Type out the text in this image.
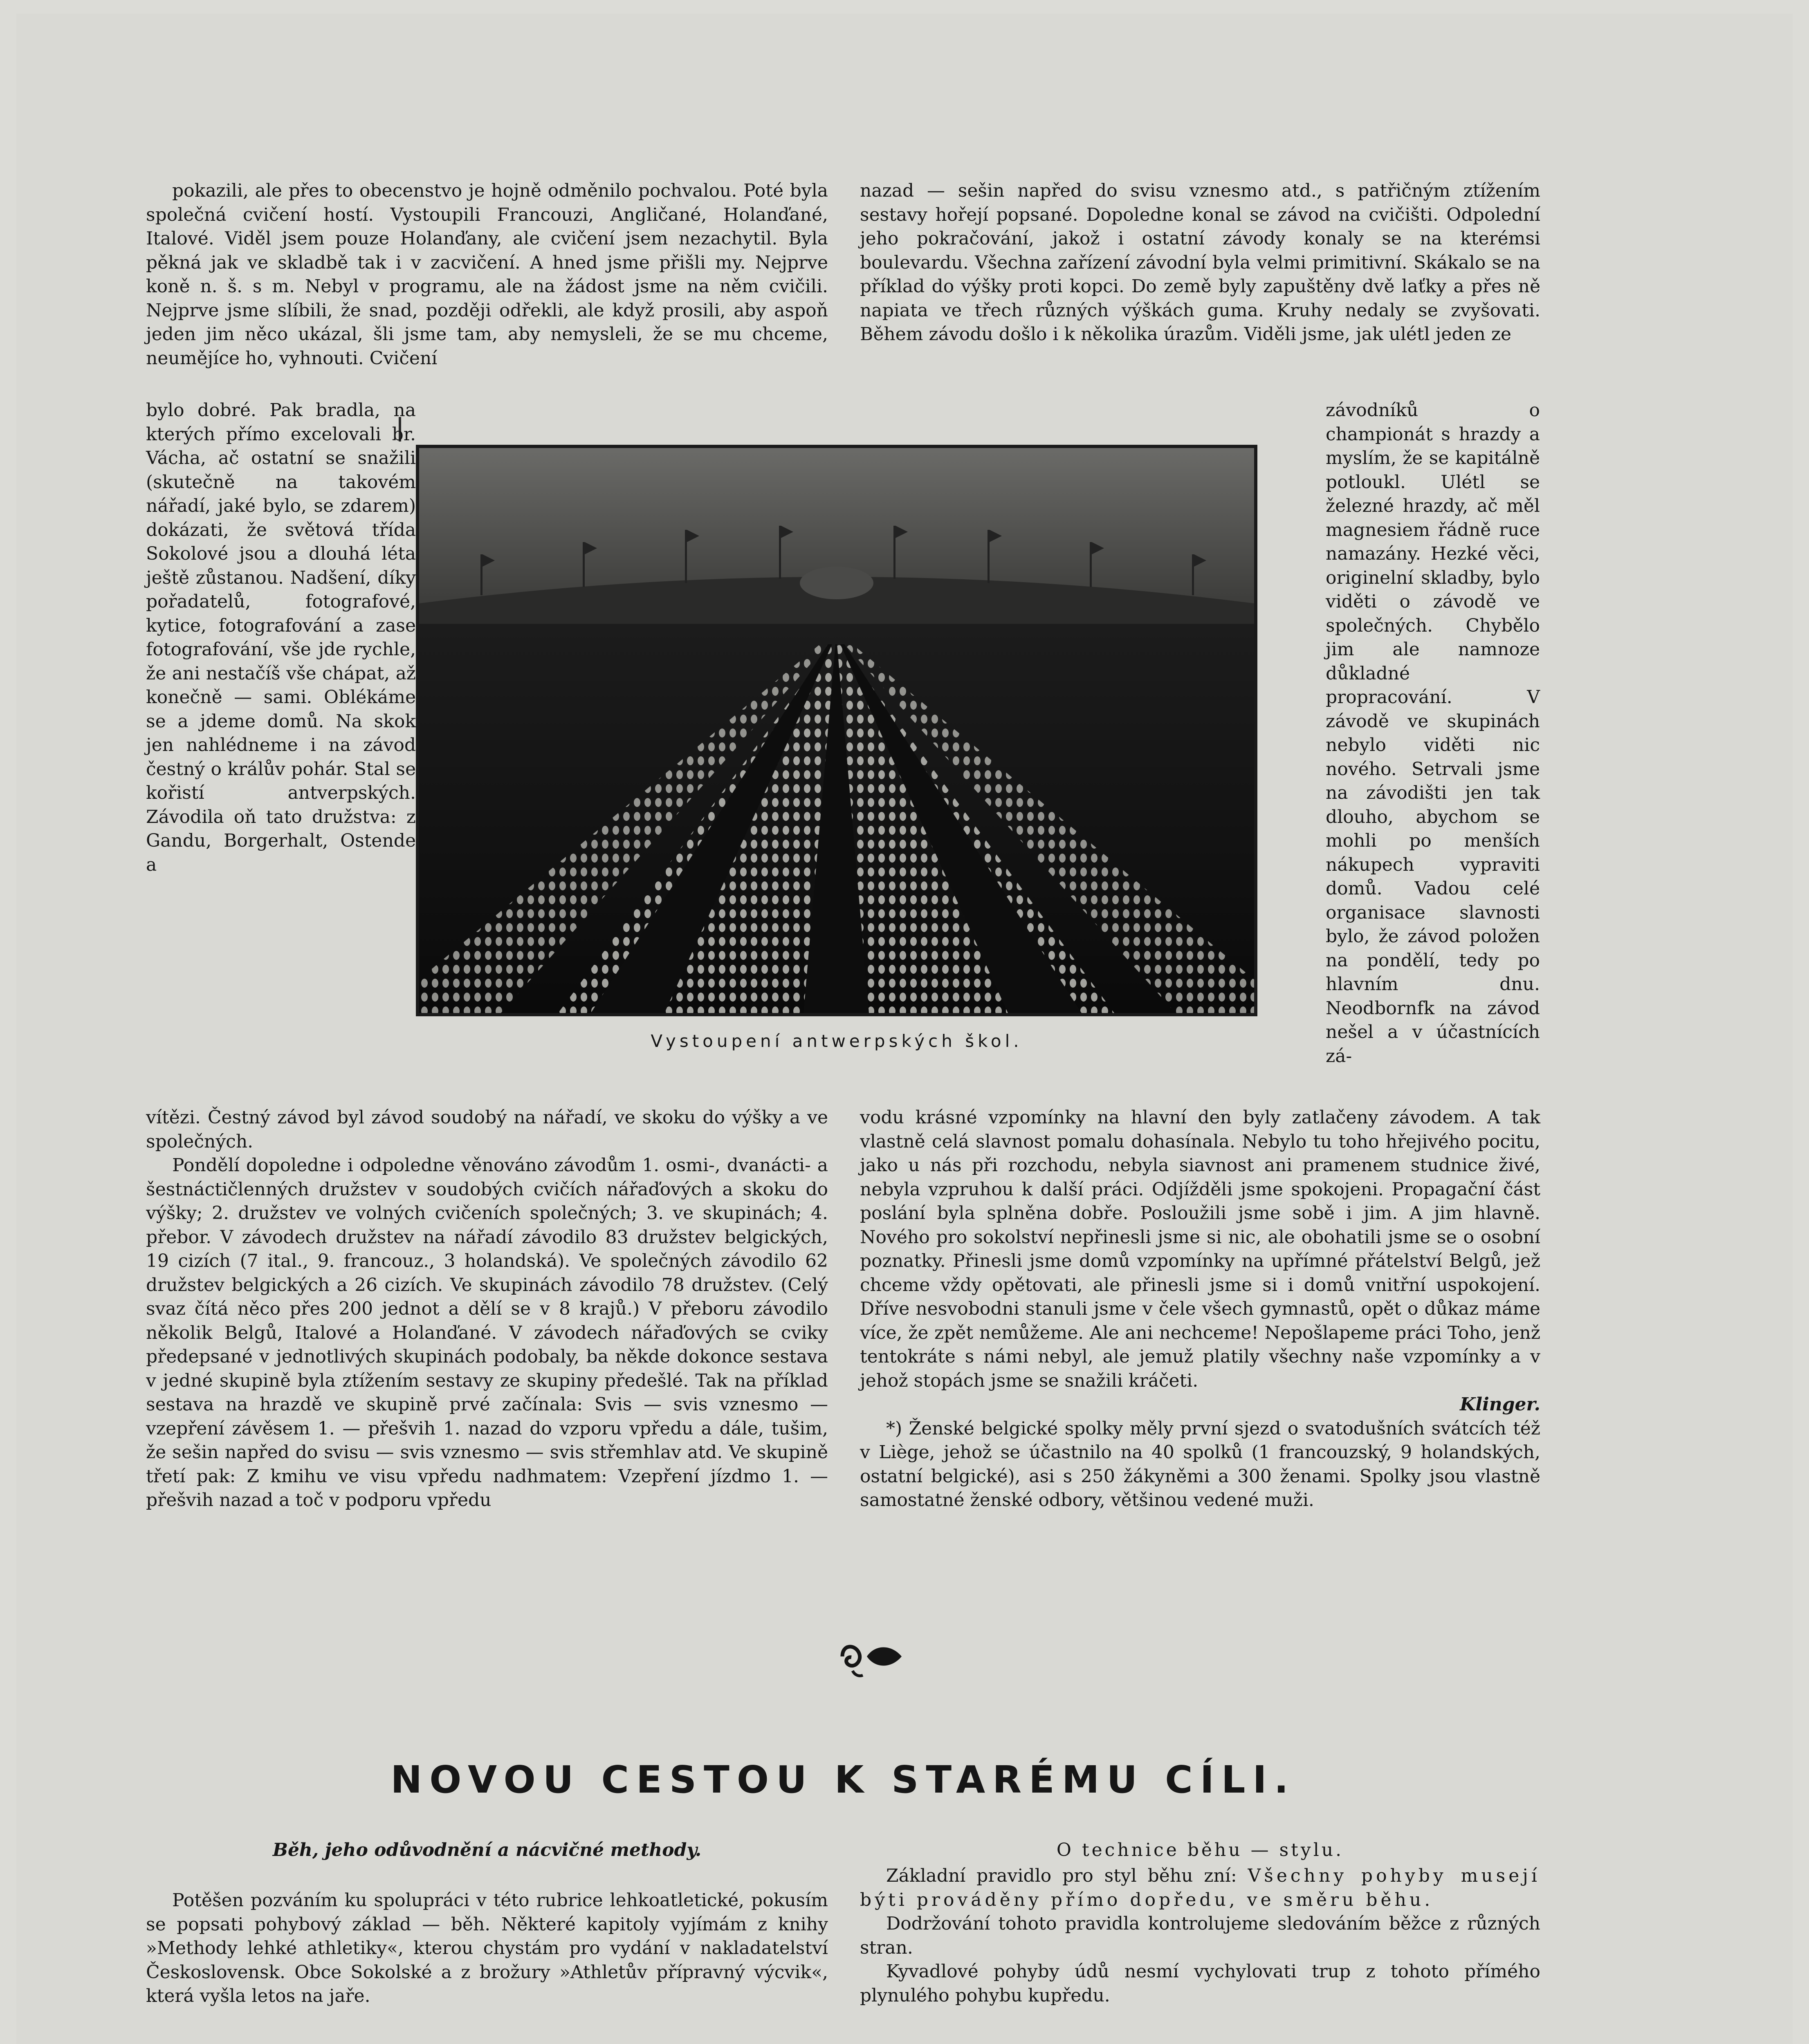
pokazili, ale přes to obecenstvo je hojně odměnilo pochvalou. Poté byla společná cvičení hostí. Vystoupili Francouzi, Angličané, Holanďané, Italové. Viděl jsem pouze Holanďany, ale cvičení jsem nezachytil. Byla pěkná jak ve skladbě tak i v zacvičení. A hned jsme přišli my. Nejprve koně n. š. s m. Nebyl v programu, ale na žádost jsme na něm cvičili. Nejprve jsme slíbili, že snad, později odřekli, ale když prosili, aby aspoň jeden jim něco ukázal, šli jsme tam, aby nemysleli, že se mu chceme, neumějíce ho, vyhnouti. Cvičení

nazad — sešin napřed do svisu vznesmo atd., s patřičným ztížením sestavy hořejí popsané. Dopoledne konal se závod na cvičišti. Odpolední jeho pokračování, jakož i ostatní závody konaly se na kterémsi boulevardu. Všechna zařízení závodní byla velmi primitivní. Skákalo se na příklad do výšky proti kopci. Do země byly zapuštěny dvě laťky a přes ně napiata ve třech různých výškách guma. Kruhy nedaly se zvyšovati. Během závodu došlo i k několika úrazům. Viděli jsme, jak ulétl jeden ze

bylo dobré. Pak bradla, na kterých přímo excelovali br. Vácha, ač ostatní se snažili (skutečně na takovém nářadí, jaké bylo, se zdarem) dokázati, že světová třída Sokolové jsou a dlouhá léta ještě zůstanou. Nadšení, díky pořadatelů, fotografové, kytice, fotografování a zase fotografování, vše jde rychle, že ani nestačíš vše chápat, až konečně — sami. Oblékáme se a jdeme domů. Na skok jen nahlédneme i na závod čestný o králův pohár. Stal se kořistí antverpských. Závodila oň tato družstva: z Gandu, Borgerhalt, Ostende a

závodníků o championát s hrazdy a myslím, že se kapitálně potloukl. Ulétl se železné hrazdy, ač měl magnesiem řádně ruce namazány. Hezké věci, originelní skladby, bylo viděti o závodě ve společných. Chybělo jim ale namnoze důkladné propracování. V závodě ve skupinách nebylo viděti nic nového. Setrvali jsme na závodišti jen tak dlouho, abychom se mohli po menších nákupech vypraviti domů. Vadou celé organisace slavnosti bylo, že závod položen na pondělí, tedy po hlavním dnu. Neodbornfk na závod nešel a v účastnících zá-

Vystoupení antwerpských škol.

vítězi. Čestný závod byl závod soudobý na nářadí, ve skoku do výšky a ve společných.

Pondělí dopoledne i odpoledne věnováno závodům 1. osmi-, dvanácti- a šestnáctičlenných družstev v soudobých cvičích nářaďových a skoku do výšky; 2. družstev ve volných cvičeních společných; 3. ve skupinách; 4. přebor. V závodech družstev na nářadí závodilo 83 družstev belgických, 19 cizích (7 ital., 9. francouz., 3 holandská). Ve společných závodilo 62 družstev belgických a 26 cizích. Ve skupinách závodilo 78 družstev. (Celý svaz čítá něco přes 200 jednot a dělí se v 8 krajů.) V přeboru závodilo několik Belgů, Italové a Holanďané. V závodech nářaďových se cviky předepsané v jednotlivých skupinách podobaly, ba někde dokonce sestava v jedné skupině byla ztížením sestavy ze skupiny předešlé. Tak na příklad sestava na hrazdě ve skupině prvé začínala: Svis — svis vznesmo — vzepření závěsem 1. — přešvih 1. nazad do vzporu vpředu a dále, tušim, že sešin napřed do svisu — svis vznesmo — svis střemhlav atd. Ve skupině třetí pak: Z kmihu ve visu vpředu nadhmatem: Vzepření jízdmo 1. — přešvih nazad a toč v podporu vpředu

vodu krásné vzpomínky na hlavní den byly zatlačeny závodem. A tak vlastně celá slavnost pomalu dohasínala. Nebylo tu toho hřejivého pocitu, jako u nás při rozchodu, nebyla siavnost ani pramenem studnice živé, nebyla vzpruhou k další práci. Odjížděli jsme spokojeni. Propagační část poslání byla splněna dobře. Posloužili jsme sobě i jim. A jim hlavně. Nového pro sokolství nepřinesli jsme si nic, ale obohatili jsme se o osobní poznatky. Přinesli jsme domů vzpomínky na upřímné přátelství Belgů, jež chceme vždy opětovati, ale přinesli jsme si i domů vnitřní uspokojení. Dříve nesvobodni stanuli jsme v čele všech gymnastů, opět o důkaz máme více, že zpět nemůžeme. Ale ani nechceme! Nepošlapeme práci Toho, jenž tentokráte s námi nebyl, ale jemuž platily všechny naše vzpomínky a v jehož stopách jsme se snažili kráčeti.

Klinger.

*) Ženské belgické spolky měly první sjezd o svatodušních svátcích též v Liège, jehož se účastnilo na 40 spolků (1 francouzský, 9 holandských, ostatní belgické), asi s 250 žákyněmi a 300 ženami. Spolky jsou vlastně samostatné ženské odbory, většinou vedené muži.

NOVOU CESTOU K STARÉMU CÍLI.
Běh, jeho odůvodnění a nácvičné methody.	O technice běhu — stylu.

Potěšen pozváním ku spolupráci v této rubrice lehkoatletické, pokusím se popsati pohybový základ — běh. Některé kapitoly vyjímám z knihy »Methody lehké athletiky«, kterou chystám pro vydání v nakladatelství Československ. Obce Sokolské a z brožury »Athletův přípravný výcvik«, která vyšla letos na jaře.

Základní pravidlo pro styl běhu zní: Všechny pohyby musejí býti prováděny přímo dopředu, ve směru běhu.

Dodržování tohoto pravidla kontrolujeme sledováním běžce z různých stran.

Kyvadlové pohyby údů nesmí vychylovati trup z tohoto přímého plynulého pohybu kupředu.
